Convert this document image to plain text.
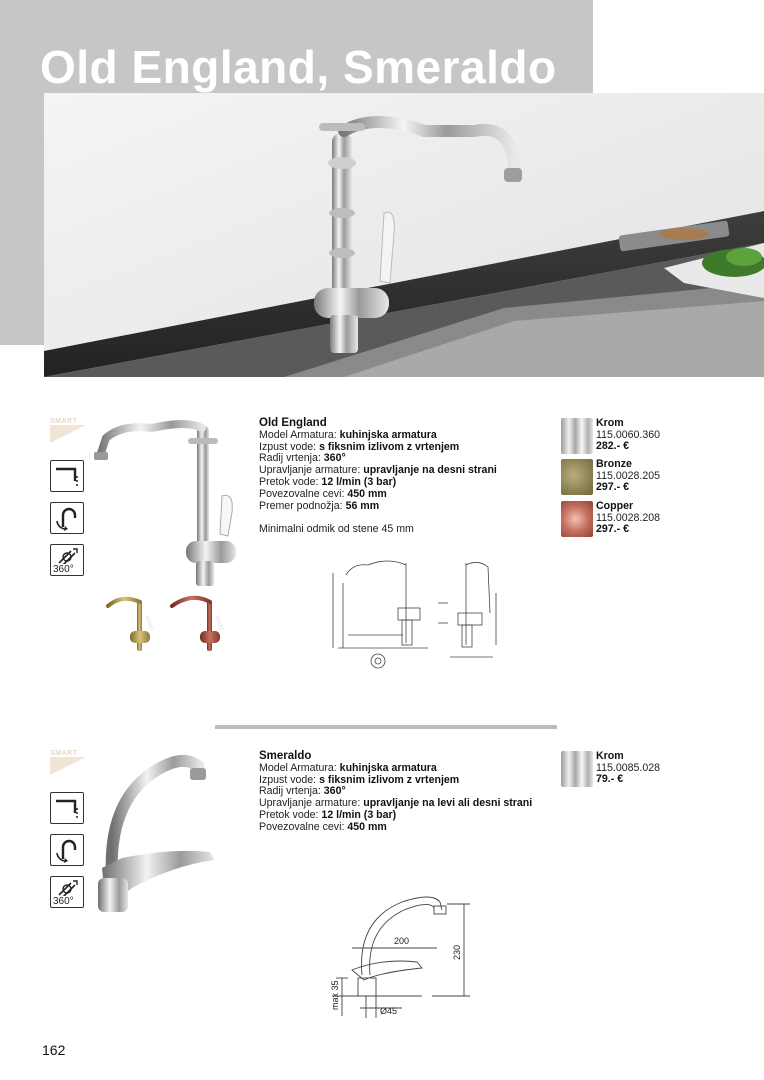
Old England, Smeraldo
SMART
360°
Old England
Model Armatura: kuhinjska armatura
Izpust vode: s fiksnim izlivom z vrtenjem
Radij vrtenja: 360°
Upravljanje armature: upravljanje na desni strani
Pretok vode: 12 l/min (3 bar)
Povezovalne cevi: 450 mm
Premer podnožja: 56 mm
Minimalni odmik od stene 45 mm
Krom
115.0060.360
282.- €
Bronze
115.0028.205
297.- €
Copper
115.0028.208
297.- €
SMART
360°
Smeraldo
Model Armatura: kuhinjska armatura
Izpust vode: s fiksnim izlivom z vrtenjem
Radij vrtenja: 360°
Upravljanje armature: upravljanje na levi ali desni strani
Pretok vode: 12 l/min (3 bar)
Povezovalne cevi: 450 mm
Krom
115.0085.028
79.- €
200
230
max 35
Ø45
162
